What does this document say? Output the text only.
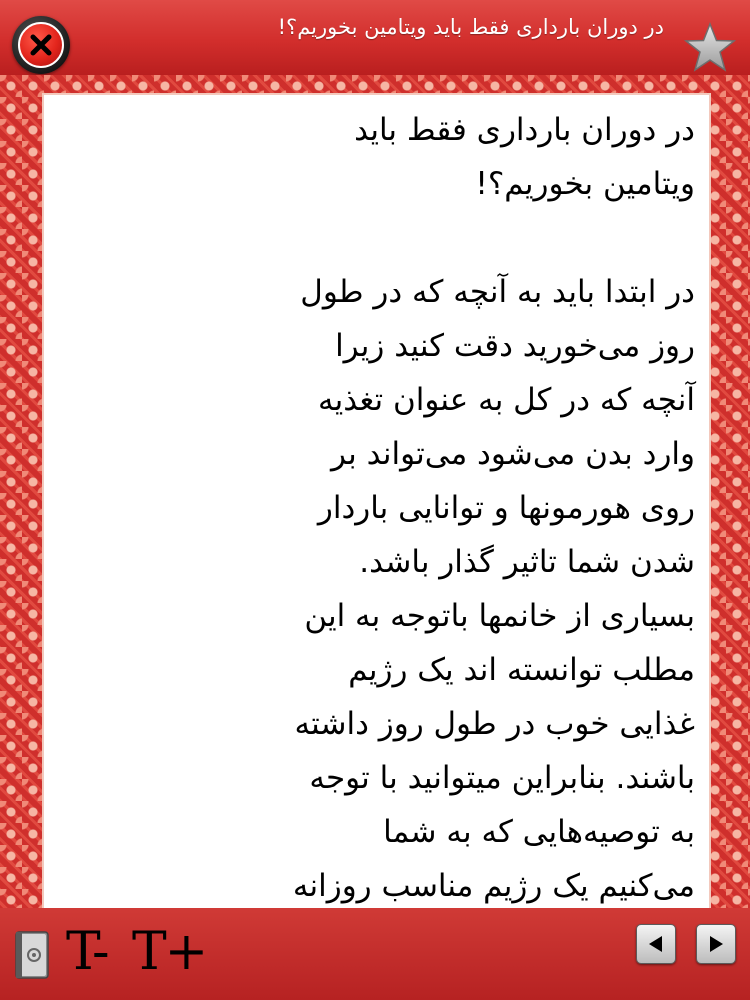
در دوران بارداری فقط باید ویتامین بخوریم؟!

در دوران بارداری فقط باید

ویتامین بخوریم؟!

در ابتدا باید به آنچه که در طول

روز می‌خورید دقت کنید زیرا

آنچه که در کل به عنوان تغذیه

وارد بدن می‌شود می‌تواند بر

روی هورمونها و توانایی باردار

شدن شما تاثیر گذار باشد.

بسیاری از خانمها باتوجه به این

مطلب توانسته اند یک رژیم

غذایی خوب در طول روز داشته

باشند. بنابراین میتوانید با توجه

به توصیه‌هایی که به شما

می‌کنیم یک رژیم مناسب روزانه

T- T+
